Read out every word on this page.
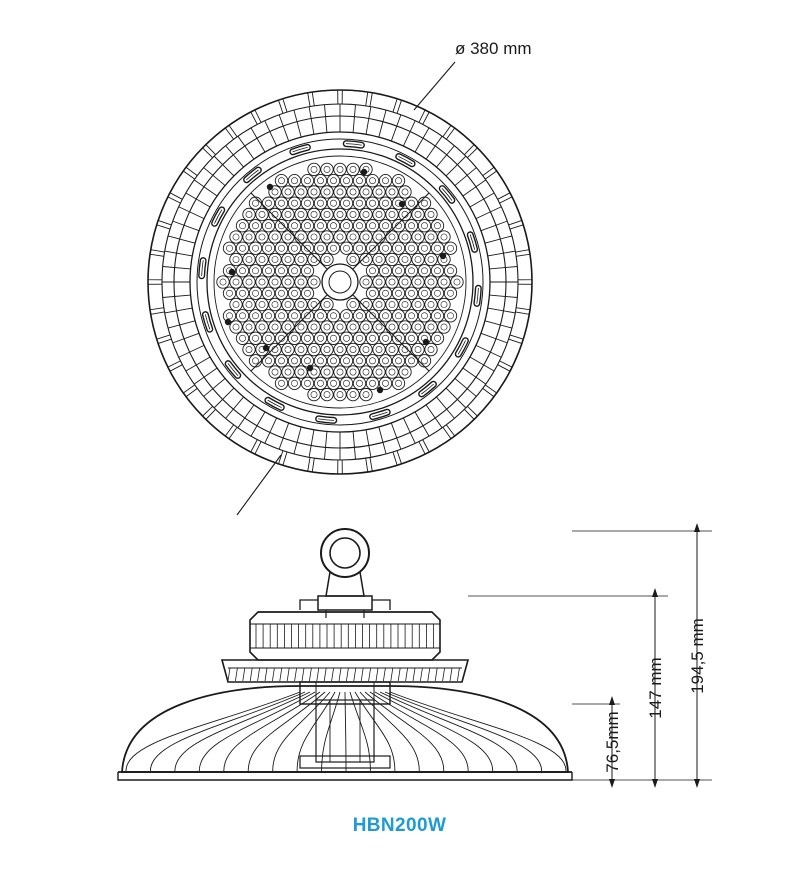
ø 380 mm
194,5 mm
147 mm
76,5mm
HBN200W
